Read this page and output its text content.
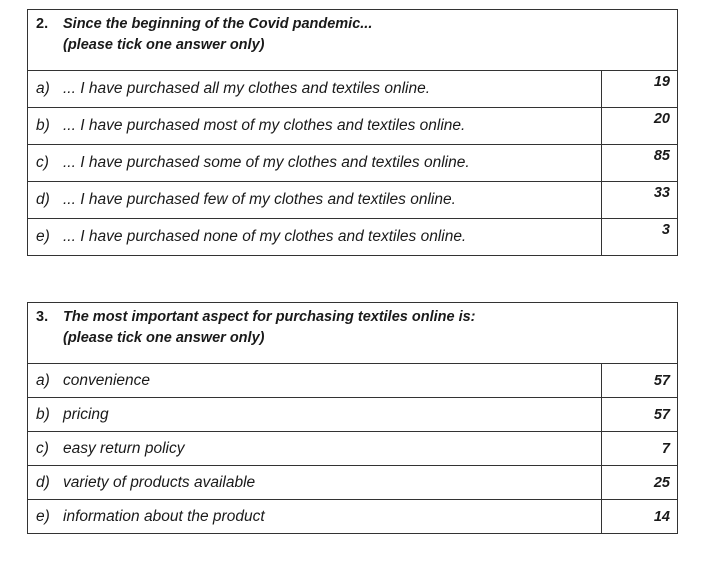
2. Since the beginning of the Covid pandemic...
(please tick one answer only)	

a) ... I have purchased all my clothes and textiles online.	19

b) ... I have purchased most of my clothes and textiles online.	20

c) ... I have purchased some of my clothes and textiles online.	85

d) ... I have purchased few of my clothes and textiles online.	33

e) ... I have purchased none of my clothes and textiles online.	3
3. The most important aspect for purchasing textiles online is:
(please tick one answer only)	

a) convenience	57

b) pricing	57

c) easy return policy	7

d) variety of products available	25

e) information about the product	14
